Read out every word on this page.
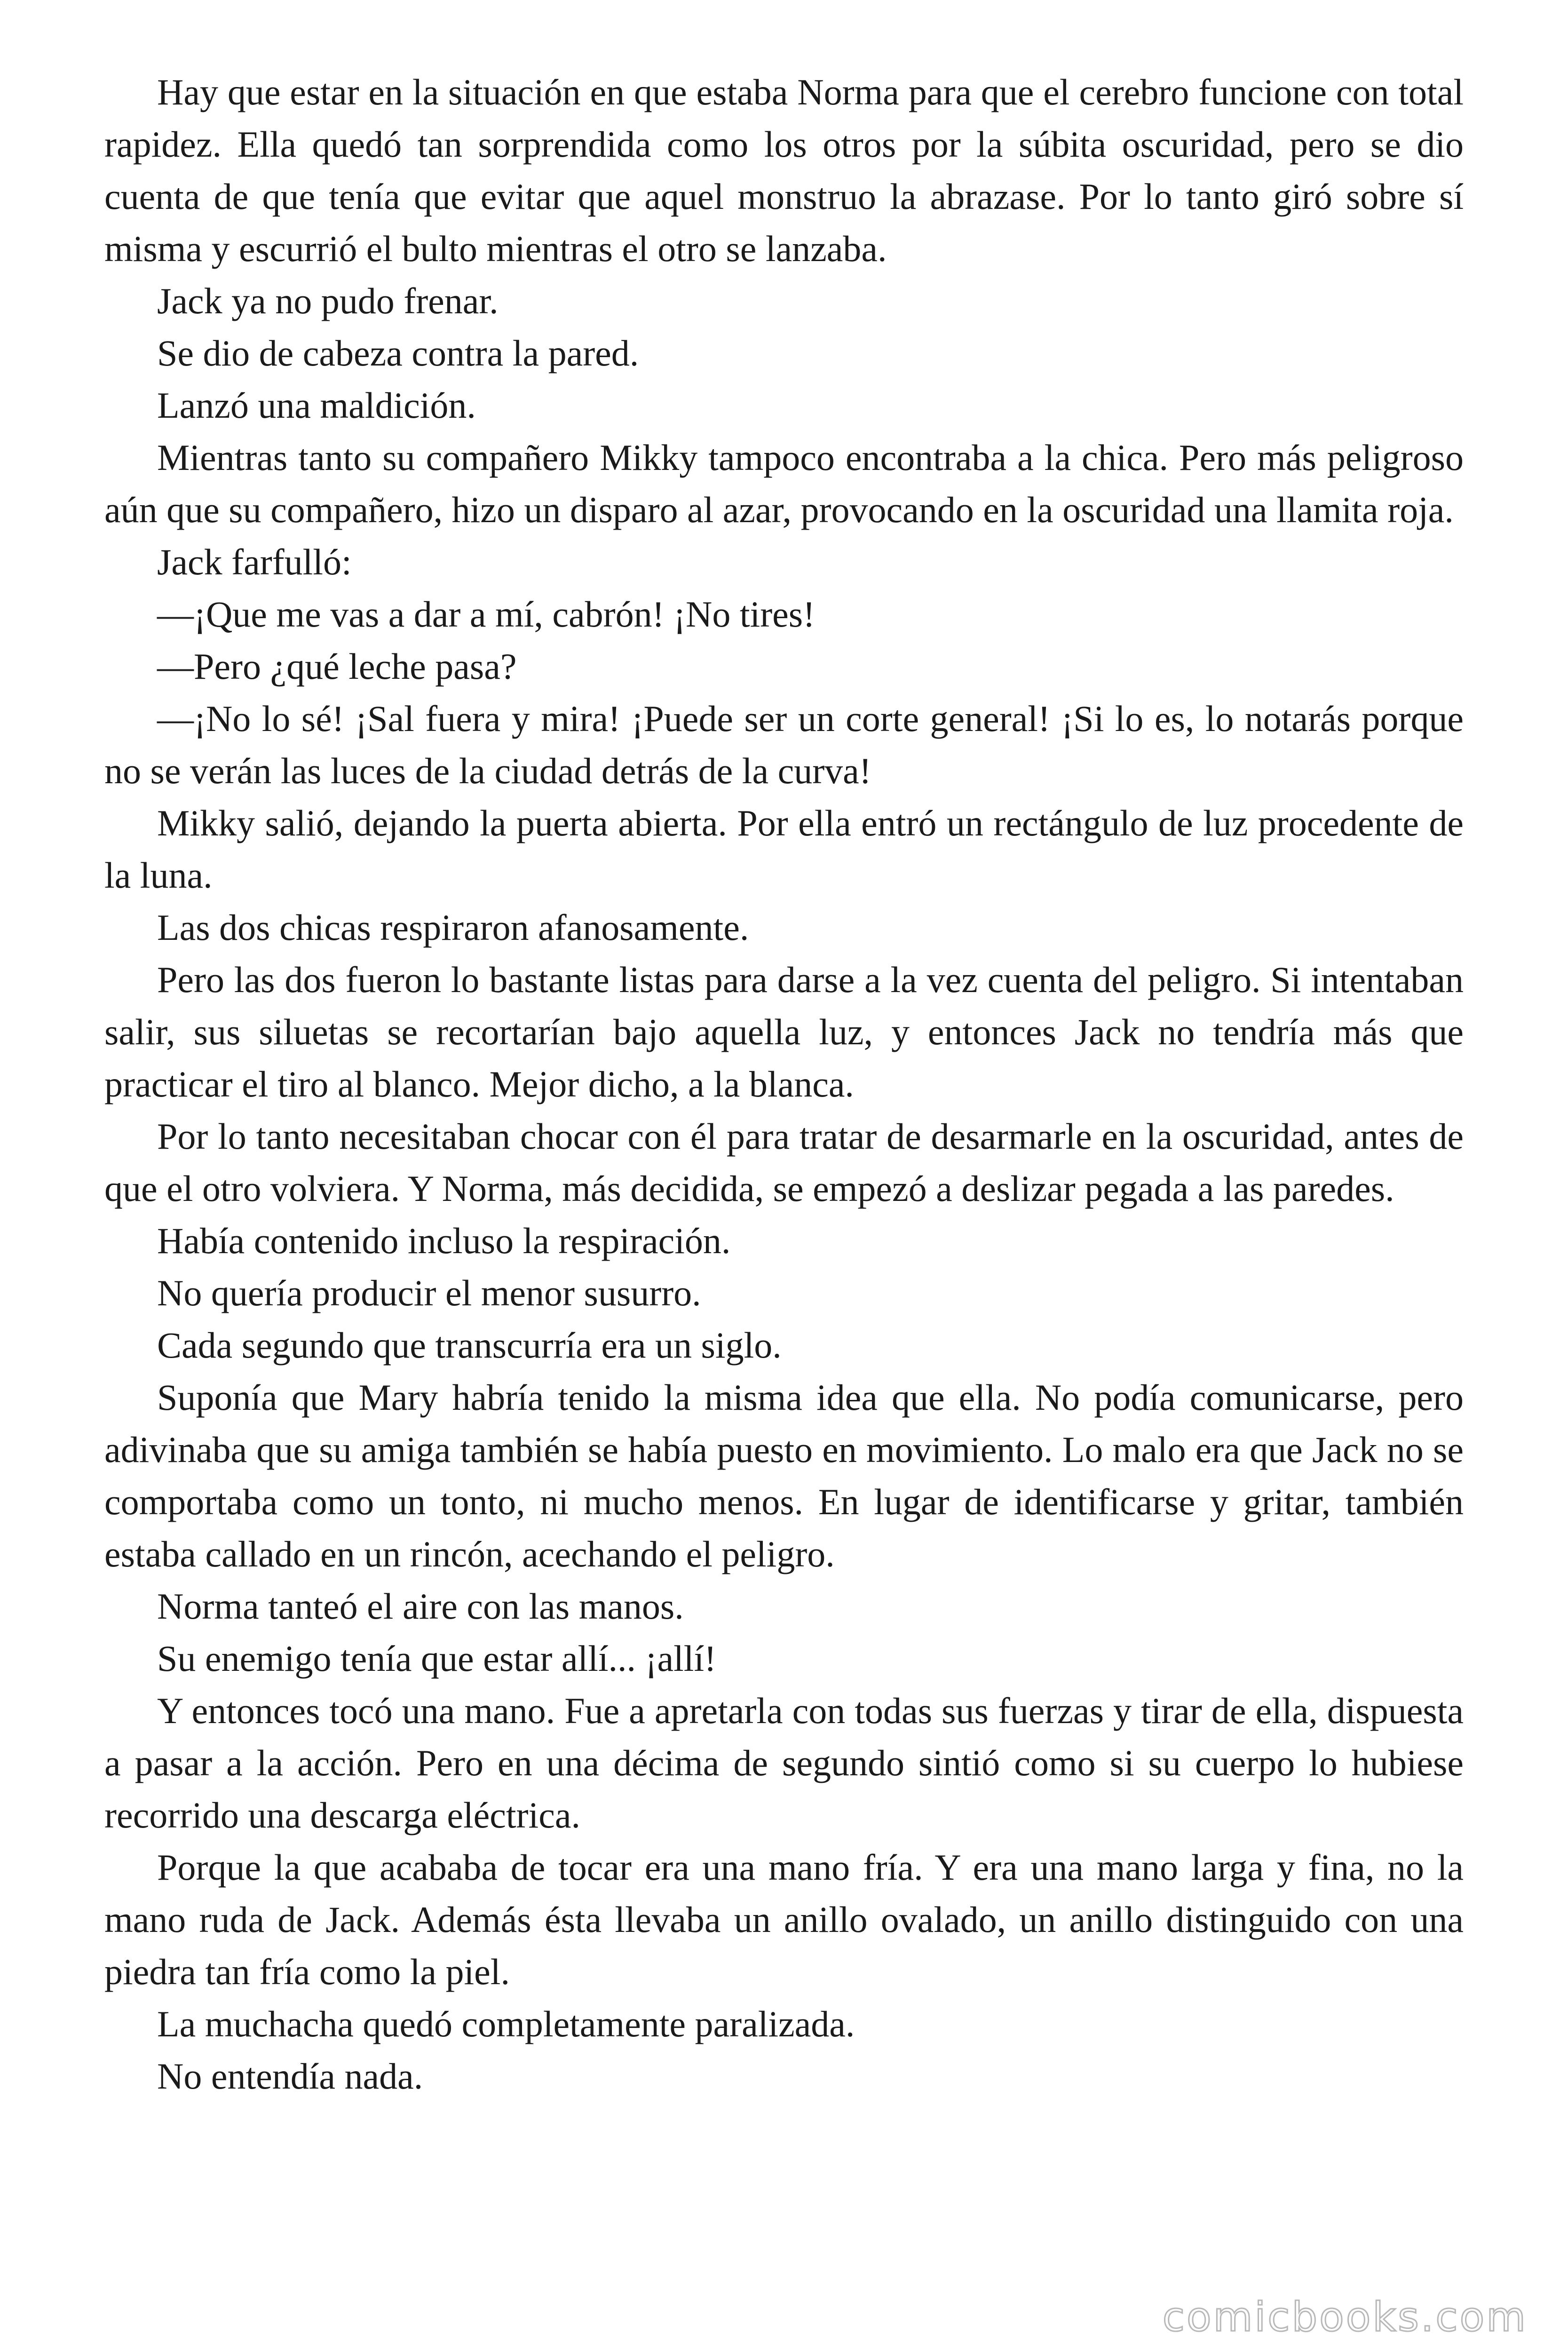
Hay que estar en la situación en que estaba Norma para que el cerebro funcione con total rapidez. Ella quedó tan sorprendida como los otros por la súbita oscuridad, pero se dio cuenta de que tenía que evitar que aquel monstruo la abrazase. Por lo tanto giró sobre sí misma y escurrió el bulto mientras el otro se lanzaba.

Jack ya no pudo frenar.

Se dio de cabeza contra la pared.

Lanzó una maldición.

Mientras tanto su compañero Mikky tampoco encontraba a la chica. Pero más peligroso aún que su compañero, hizo un disparo al azar, provocando en la oscuridad una llamita roja.

Jack farfulló:

—¡Que me vas a dar a mí, cabrón! ¡No tires!

—Pero ¿qué leche pasa?

—¡No lo sé! ¡Sal fuera y mira! ¡Puede ser un corte general! ¡Si lo es, lo notarás porque no se verán las luces de la ciudad detrás de la curva!

Mikky salió, dejando la puerta abierta. Por ella entró un rectángulo de luz procedente de la luna.

Las dos chicas respiraron afanosamente.

Pero las dos fueron lo bastante listas para darse a la vez cuenta del peligro. Si intentaban salir, sus siluetas se recortarían bajo aquella luz, y entonces Jack no tendría más que practicar el tiro al blanco. Mejor dicho, a la blanca.

Por lo tanto necesitaban chocar con él para tratar de desarmarle en la oscuridad, antes de que el otro volviera. Y Norma, más decidida, se empezó a deslizar pegada a las paredes.

Había contenido incluso la respiración.

No quería producir el menor susurro.

Cada segundo que transcurría era un siglo.

Suponía que Mary habría tenido la misma idea que ella. No podía comunicarse, pero adivinaba que su amiga también se había puesto en movimiento. Lo malo era que Jack no se comportaba como un tonto, ni mucho menos. En lugar de identificarse y gritar, también estaba callado en un rincón, acechando el peligro.

Norma tanteó el aire con las manos.

Su enemigo tenía que estar allí... ¡allí!

Y entonces tocó una mano. Fue a apretarla con todas sus fuerzas y tirar de ella, dispuesta a pasar a la acción. Pero en una décima de segundo sintió como si su cuerpo lo hubiese recorrido una descarga eléctrica.

Porque la que acababa de tocar era una mano fría. Y era una mano larga y fina, no la mano ruda de Jack. Además ésta llevaba un anillo ovalado, un anillo distinguido con una piedra tan fría como la piel.

La muchacha quedó completamente paralizada.

No entendía nada.

comicbooks.com
